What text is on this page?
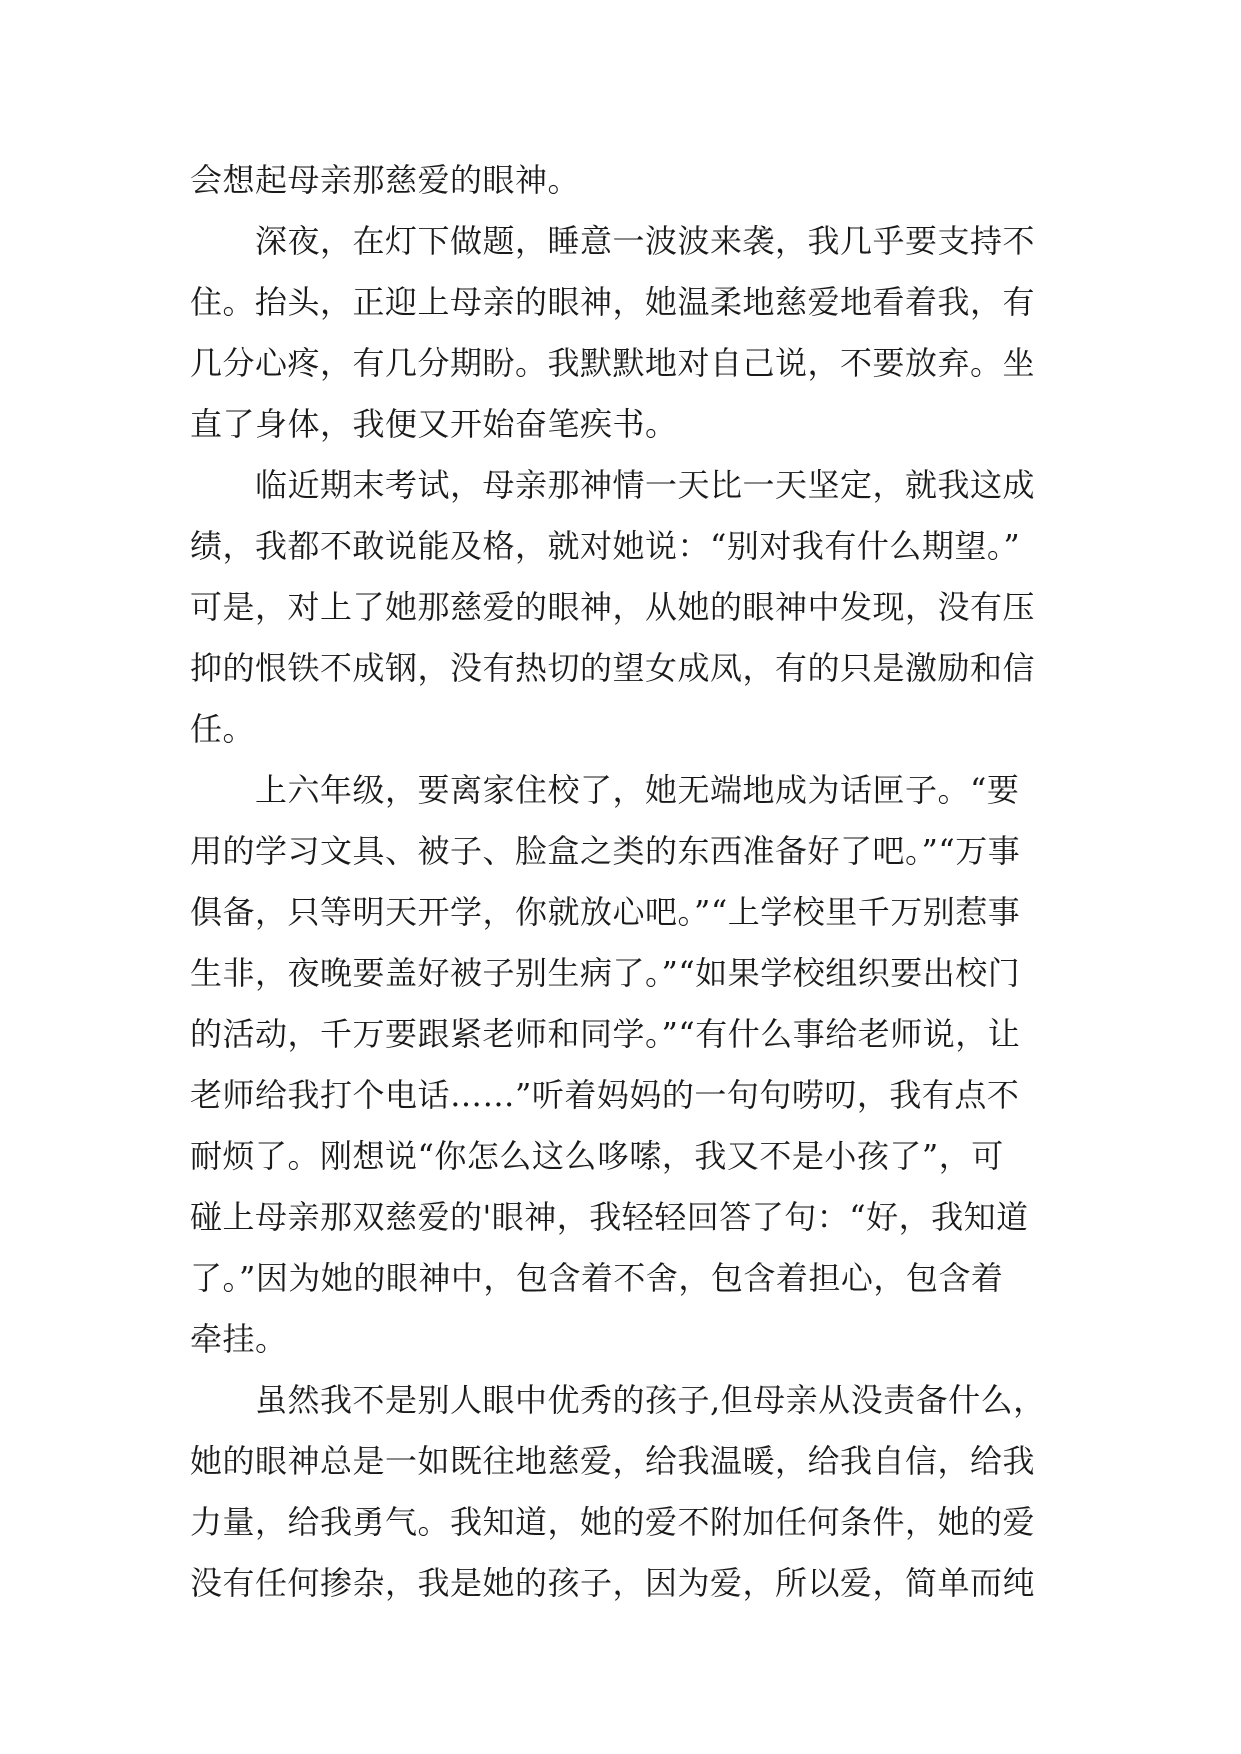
会想起母亲那慈爱的眼神。
深夜，在灯下做题，睡意一波波来袭，我几乎要支持不
住。抬头，正迎上母亲的眼神，她温柔地慈爱地看着我，有
几分心疼，有几分期盼。我默默地对自己说，不要放弃。坐
直了身体，我便又开始奋笔疾书。
临近期末考试，母亲那神情一天比一天坚定，就我这成
绩，我都不敢说能及格，就对她说：“别对我有什么期望。”
可是，对上了她那慈爱的眼神，从她的眼神中发现，没有压
抑的恨铁不成钢，没有热切的望女成凤，有的只是激励和信
任。
上六年级，要离家住校了，她无端地成为话匣子。“要
用的学习文具、被子、脸盒之类的东西准备好了吧。”“万事
俱备，只等明天开学，你就放心吧。”“上学校里千万别惹事
生非，夜晚要盖好被子别生病了。”“如果学校组织要出校门
的活动，千万要跟紧老师和同学。”“有什么事给老师说，让
老师给我打个电话……”听着妈妈的一句句唠叨，我有点不
耐烦了。刚想说“你怎么这么哆嗦，我又不是小孩了”，可
碰上母亲那双慈爱的'眼神，我轻轻回答了句：“好，我知道
了。”因为她的眼神中，包含着不舍，包含着担心，包含着
牵挂。
虽然我不是别人眼中优秀的孩子,但母亲从没责备什么，
她的眼神总是一如既往地慈爱，给我温暖，给我自信，给我
力量，给我勇气。我知道，她的爱不附加任何条件，她的爱
没有任何掺杂，我是她的孩子，因为爱，所以爱，简单而纯
